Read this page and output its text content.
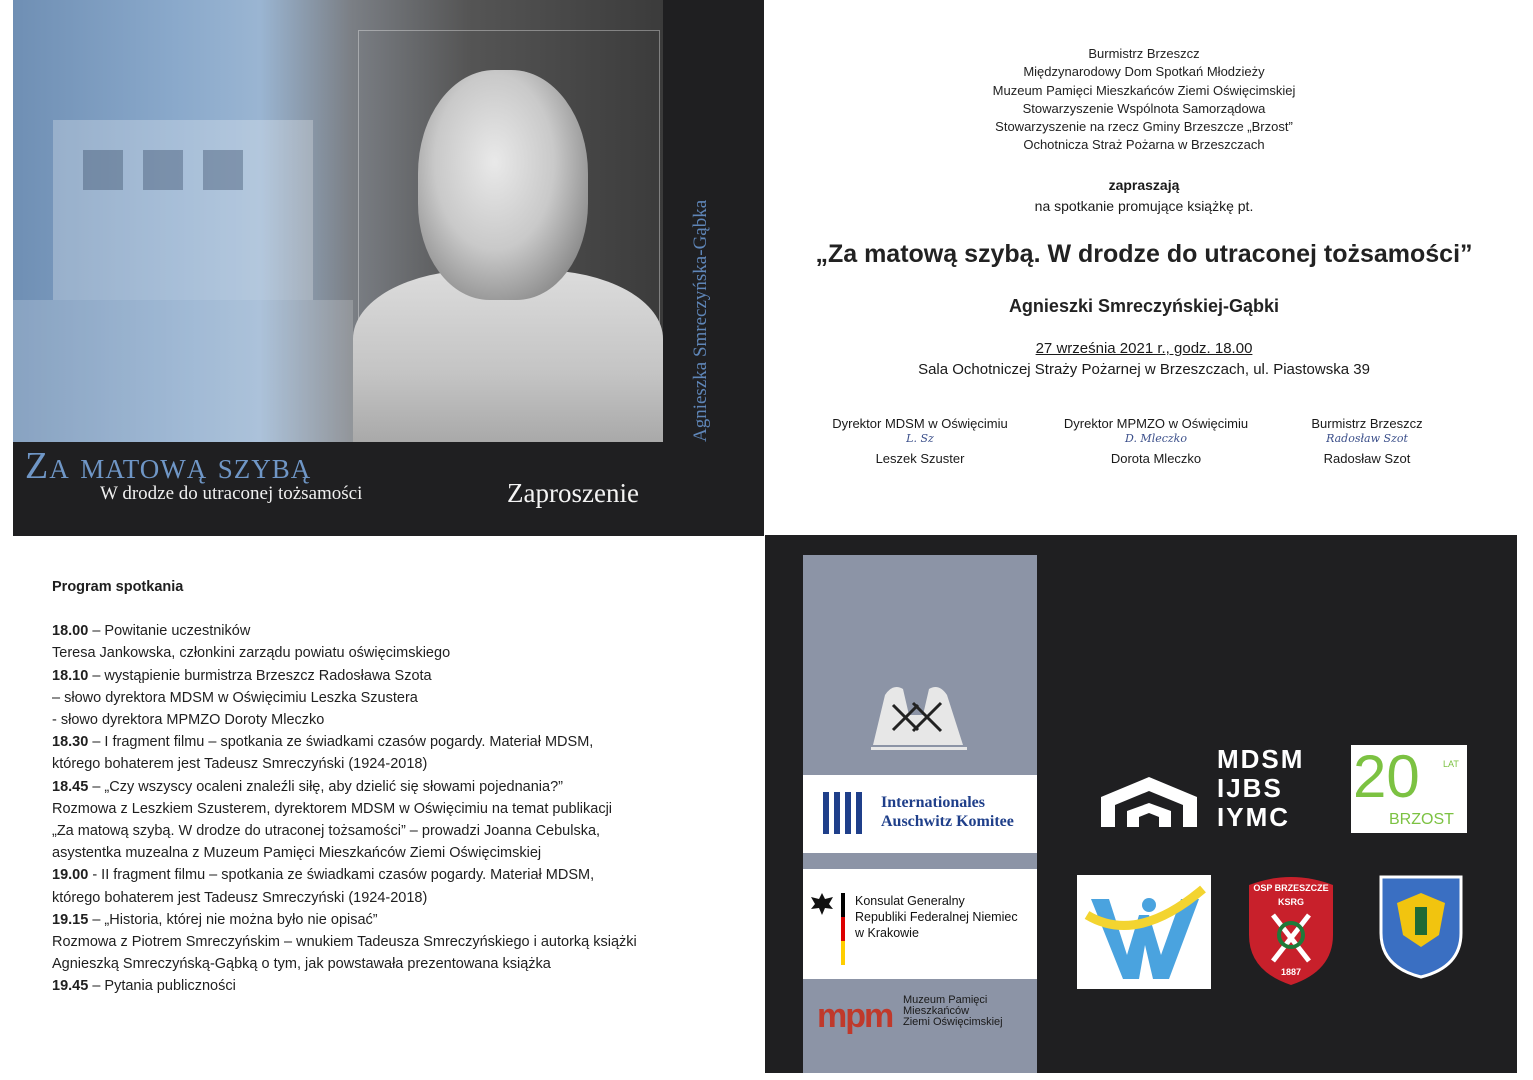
Agnieszka Smreczyńska-Gąbka
Za matową szybą
W drodze do utraconej tożsamości	Zaproszenie
Burmistrz Brzeszcz
Międzynarodowy Dom Spotkań Młodzieży
Muzeum Pamięci Mieszkańców Ziemi Oświęcimskiej
Stowarzyszenie Wspólnota Samorządowa
Stowarzyszenie na rzecz Gminy Brzeszcze „Brzost”
Ochotnicza Straż Pożarna w Brzeszczach
zapraszają
na spotkanie promujące książkę pt.
„Za matową szybą. W drodze do utraconej tożsamości”
Agnieszki Smreczyńskiej-Gąbki
27 września 2021 r., godz. 18.00
Sala Ochotniczej Straży Pożarnej w Brzeszczach, ul. Piastowska 39
Dyrektor MDSM w Oświęcimiu
L. Sz
Leszek Szuster
Dyrektor MPMZO w Oświęcimiu
D. Mleczko
Dorota Mleczko
Burmistrz Brzeszcz
Radosław Szot
Radosław Szot
Program spotkania
18.00 – Powitanie uczestników
Teresa Jankowska, członkini zarządu powiatu oświęcimskiego
18.10 – wystąpienie burmistrza Brzeszcz Radosława Szota
– słowo dyrektora MDSM w Oświęcimiu Leszka Szustera
- słowo dyrektora MPMZO Doroty Mleczko
18.30 – I fragment filmu – spotkania ze świadkami czasów pogardy. Materiał MDSM,
którego bohaterem jest Tadeusz Smreczyński (1924-2018)
18.45 – „Czy wszyscy ocaleni znaleźli siłę, aby dzielić się słowami pojednania?”
Rozmowa z Leszkiem Szusterem, dyrektorem MDSM w Oświęcimiu na temat publikacji
„Za matową szybą. W drodze do utraconej tożsamości” – prowadzi Joanna Cebulska,
asystentka muzealna z Muzeum Pamięci Mieszkańców Ziemi Oświęcimskiej
19.00 - II fragment filmu – spotkania ze świadkami czasów pogardy. Materiał MDSM,
którego bohaterem jest Tadeusz Smreczyński (1924-2018)
19.15 – „Historia, której nie można było nie opisać”
Rozmowa z Piotrem Smreczyńskim – wnukiem Tadeusza Smreczyńskiego i autorką książki
Agnieszką Smreczyńską-Gąbką o tym, jak powstawała prezentowana książka
19.45 – Pytania publiczności
Internationales
Auschwitz Komitee
Konsulat Generalny
Republiki Federalnej Niemiec
w Krakowie
mpm Muzeum Pamięci
Mieszkańców
Ziemi Oświęcimskiej
MDSM
IJBS
IYMC
20	LAT
BRZOST
OSP BRZESZCZE
KSRG
1887
